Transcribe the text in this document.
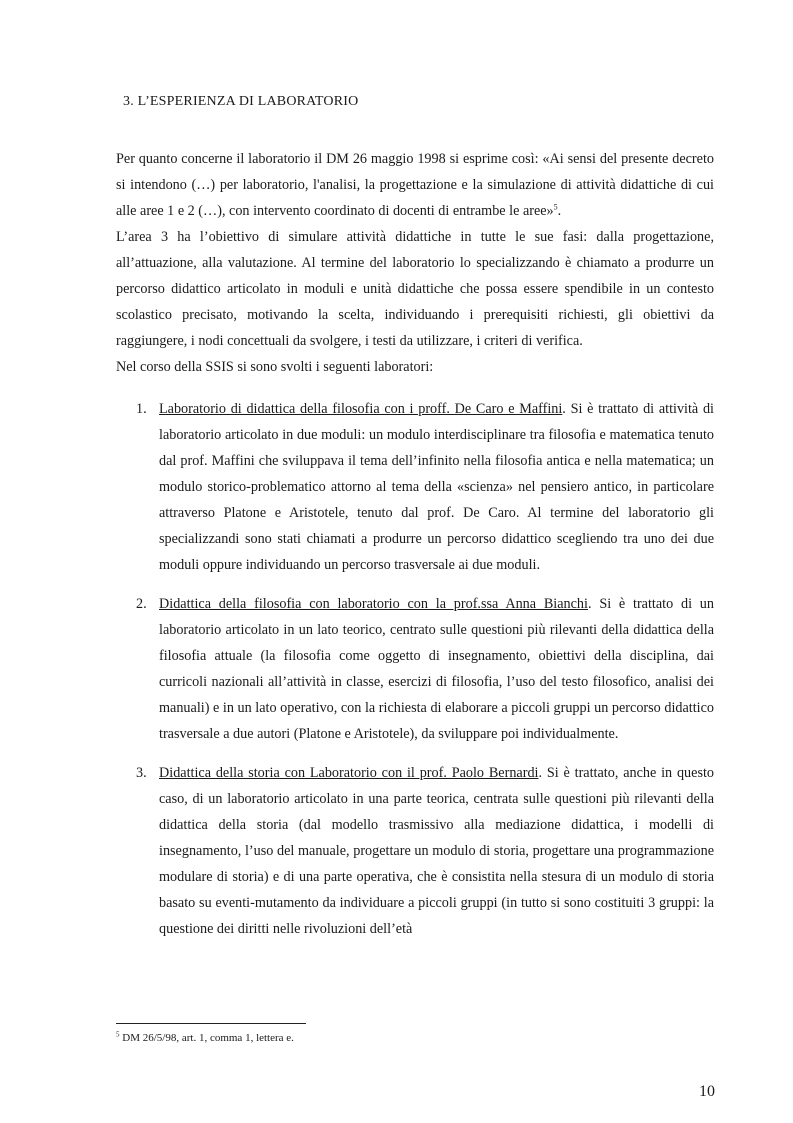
3. L’ESPERIENZA DI LABORATORIO

Per quanto concerne il laboratorio il DM 26 maggio 1998 si esprime così: «Ai sensi del presente decreto si intendono (…) per laboratorio, l'analisi, la progettazione e la simulazione di attività didattiche di cui alle aree 1 e 2 (…), con intervento coordinato di docenti di entrambe le aree»$^5$.

L’area 3 ha l’obiettivo di simulare attività didattiche in tutte le sue fasi: dalla progettazione, all’attuazione, alla valutazione. Al termine del laboratorio lo specializzando è chiamato a produrre un percorso didattico articolato in moduli e unità didattiche che possa essere spendibile in un contesto scolastico precisato, motivando la scelta, individuando i prerequisiti richiesti, gli obiettivi da raggiungere, i nodi concettuali da svolgere, i testi da utilizzare, i criteri di verifica.

Nel corso della SSIS si sono svolti i seguenti laboratori:

1. Laboratorio di didattica della filosofia con i proff. De Caro e Maffini. Si è trattato di attività di laboratorio articolato in due moduli: un modulo interdisciplinare tra filosofia e matematica tenuto dal prof. Maffini che sviluppava il tema dell’infinito nella filosofia antica e nella matematica; un modulo storico-problematico attorno al tema della «scienza» nel pensiero antico, in particolare attraverso Platone e Aristotele, tenuto dal prof. De Caro. Al termine del laboratorio gli specializzandi sono stati chiamati a produrre un percorso didattico scegliendo tra uno dei due moduli oppure individuando un percorso trasversale ai due moduli.
2. Didattica della filosofia con laboratorio con la prof.ssa Anna Bianchi. Si è trattato di un laboratorio articolato in un lato teorico, centrato sulle questioni più rilevanti della didattica della filosofia attuale (la filosofia come oggetto di insegnamento, obiettivi della disciplina, dai curricoli nazionali all’attività in classe, esercizi di filosofia, l’uso del testo filosofico, analisi dei manuali) e in un lato operativo, con la richiesta di elaborare a piccoli gruppi un percorso didattico trasversale a due autori (Platone e Aristotele), da sviluppare poi individualmente.
3. Didattica della storia con Laboratorio con il prof. Paolo Bernardi. Si è trattato, anche in questo caso, di un laboratorio articolato in una parte teorica, centrata sulle questioni più rilevanti della didattica della storia (dal modello trasmissivo alla mediazione didattica, i modelli di insegnamento, l’uso del manuale, progettare un modulo di storia, progettare una programmazione modulare di storia) e di una parte operativa, che è consistita nella stesura di un modulo di storia basato su eventi-mutamento da individuare a piccoli gruppi (in tutto si sono costituiti 3 gruppi: la questione dei diritti nelle rivoluzioni dell’età
$^5$ DM 26/5/98, art. 1, comma 1, lettera e.
10
